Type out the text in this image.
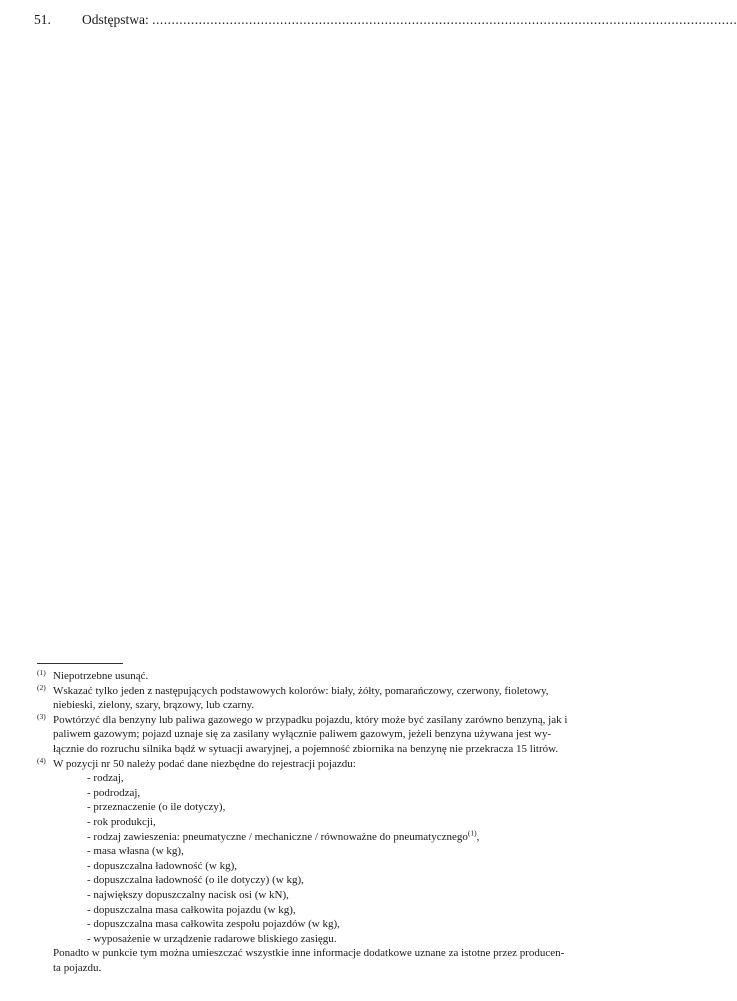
51. Odstępstwa: .......................................................................................................................................................
(1) Niepotrzebne usunąć.
(2) Wskazać tylko jeden z następujących podstawowych kolorów: biały, żółty, pomarańczowy, czerwony, fioletowy,
niebieski, zielony, szary, brązowy, lub czarny.
(3) Powtórzyć dla benzyny lub paliwa gazowego w przypadku pojazdu, który może być zasilany zarówno benzyną, jak i
paliwem gazowym; pojazd uznaje się za zasilany wyłącznie paliwem gazowym, jeżeli benzyna używana jest wy-
łącznie do rozruchu silnika bądź w sytuacji awaryjnej, a pojemność zbiornika na benzynę nie przekracza 15 litrów.
(4) W pozycji nr 50 należy podać dane niezbędne do rejestracji pojazdu:
- rodzaj,
- podrodzaj,
- przeznaczenie (o ile dotyczy),
- rok produkcji,
- rodzaj zawieszenia: pneumatyczne / mechaniczne / równoważne do pneumatycznego$^{(1)}$,
- masa własna (w kg),
- dopuszczalna ładowność (w kg),
- dopuszczalna ładowność (o ile dotyczy) (w kg),
- największy dopuszczalny nacisk osi (w kN),
- dopuszczalna masa całkowita pojazdu (w kg),
- dopuszczalna masa całkowita zespołu pojazdów (w kg),
- wyposażenie w urządzenie radarowe bliskiego zasięgu.
Ponadto w punkcie tym można umieszczać wszystkie inne informacje dodatkowe uznane za istotne przez producen-
ta pojazdu.
